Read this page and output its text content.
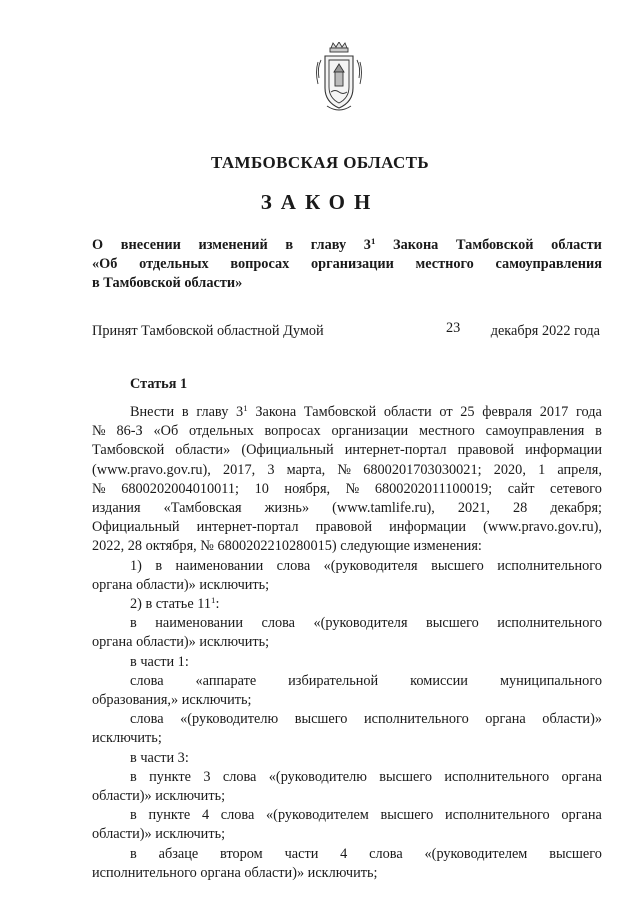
ТАМБОВСКАЯ ОБЛАСТЬ
ЗАКОН
О внесении изменений в главу $3^1$ Закона Тамбовской области
«Об отдельных вопросах организации местного самоуправления
в Тамбовской области»
Принят Тамбовской областной Думой	23 декабря 2022 года
Статья 1
Внести в главу $3^1$ Закона Тамбовской области от 25 февраля 2017 года
№ 86-З «Об отдельных вопросах организации местного самоуправления в
Тамбовской области» (Официальный интернет-портал правовой информации
(www.pravo.gov.ru), 2017, 3 марта, № 6800201703030021; 2020, 1 апреля,
№ 6800202004010011; 10 ноября, № 6800202011100019; сайт сетевого
издания «Тамбовская жизнь» (www.tamlife.ru), 2021, 28 декабря;
Официальный интернет-портал правовой информации (www.pravo.gov.ru),
2022, 28 октября, № 6800202210280015) следующие изменения:
1) в наименовании слова «(руководителя высшего исполнительного
органа области)» исключить;
2) в статье $11^1$:
в наименовании слова «(руководителя высшего исполнительного
органа области)» исключить;
в части 1:
слова «аппарате избирательной комиссии муниципального
образования,» исключить;
слова «(руководителю высшего исполнительного органа области)»
исключить;
в части 3:
в пункте 3 слова «(руководителю высшего исполнительного органа
области)» исключить;
в пункте 4 слова «(руководителем высшего исполнительного органа
области)» исключить;
в абзаце втором части 4 слова «(руководителем высшего
исполнительного органа области)» исключить;
